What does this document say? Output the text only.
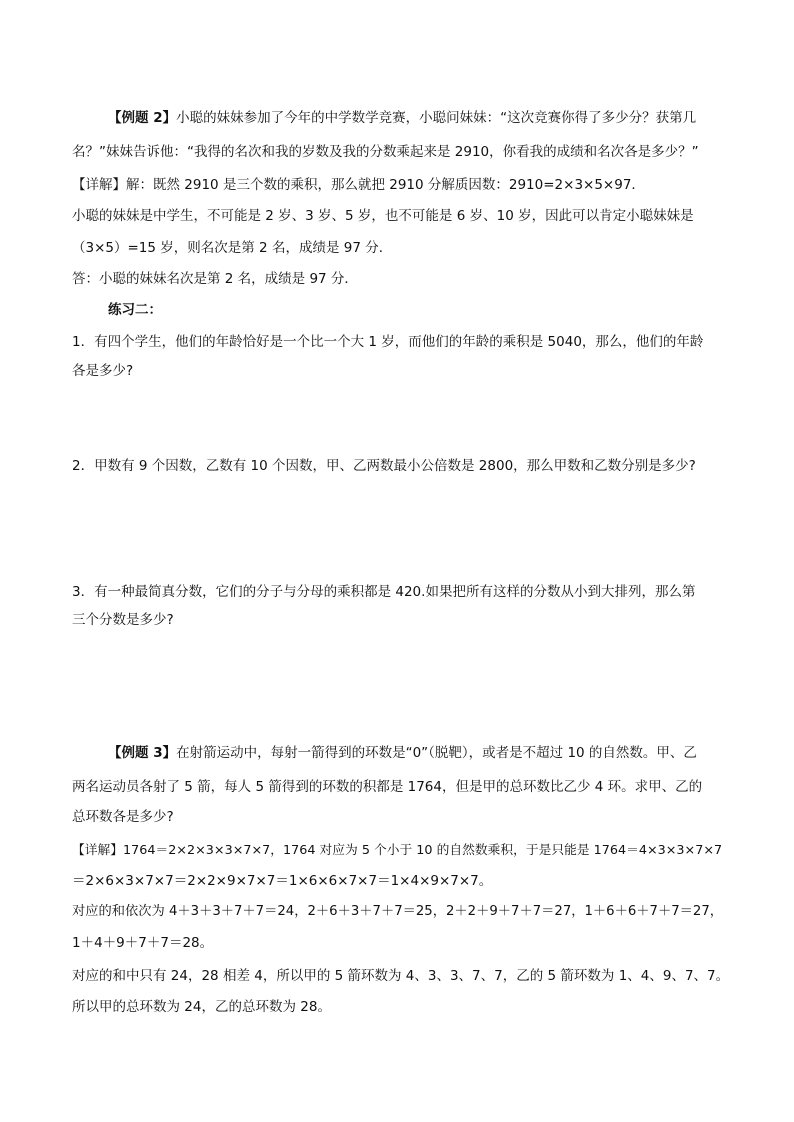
【例题 2】小聪的妹妹参加了今年的中学数学竞赛，小聪问妹妹：“这次竞赛你得了多少分？获第几
名？”妹妹告诉他：“我得的名次和我的岁数及我的分数乘起来是 2910，你看我的成绩和名次各是多少？”
【详解】解：既然 2910 是三个数的乘积，那么就把 2910 分解质因数：2910=2×3×5×97．
小聪的妹妹是中学生，不可能是 2 岁、3 岁、5 岁，也不可能是 6 岁、10 岁，因此可以肯定小聪妹妹是
（3×5）=15 岁，则名次是第 2 名，成绩是 97 分．
答：小聪的妹妹名次是第 2 名，成绩是 97 分．
练习二：
1．有四个学生，他们的年龄恰好是一个比一个大 1 岁，而他们的年龄的乘积是 5040，那么，他们的年龄
各是多少?
2．甲数有 9 个因数，乙数有 10 个因数，甲、乙两数最小公倍数是 2800，那么甲数和乙数分别是多少?
3．有一种最简真分数，它们的分子与分母的乘积都是 420.如果把所有这样的分数从小到大排列，那么第
三个分数是多少?
【例题 3】在射箭运动中，每射一箭得到的环数是“0”（脱靶），或者是不超过 10 的自然数。甲、乙
两名运动员各射了 5 箭，每人 5 箭得到的环数的积都是 1764，但是甲的总环数比乙少 4 环。求甲、乙的
总环数各是多少?
【详解】1764＝2×2×3×3×7×7，1764 对应为 5 个小于 10 的自然数乘积，于是只能是 1764＝4×3×3×7×7
＝2×6×3×7×7＝2×2×9×7×7＝1×6×6×7×7＝1×4×9×7×7。
对应的和依次为 4＋3＋3＋7＋7＝24，2＋6＋3＋7＋7＝25，2＋2＋9＋7＋7＝27，1＋6＋6＋7＋7＝27，
1＋4＋9＋7＋7＝28。
对应的和中只有 24，28 相差 4，所以甲的 5 箭环数为 4、3、3、7、7，乙的 5 箭环数为 1、4、9、7、7。
所以甲的总环数为 24，乙的总环数为 28。
